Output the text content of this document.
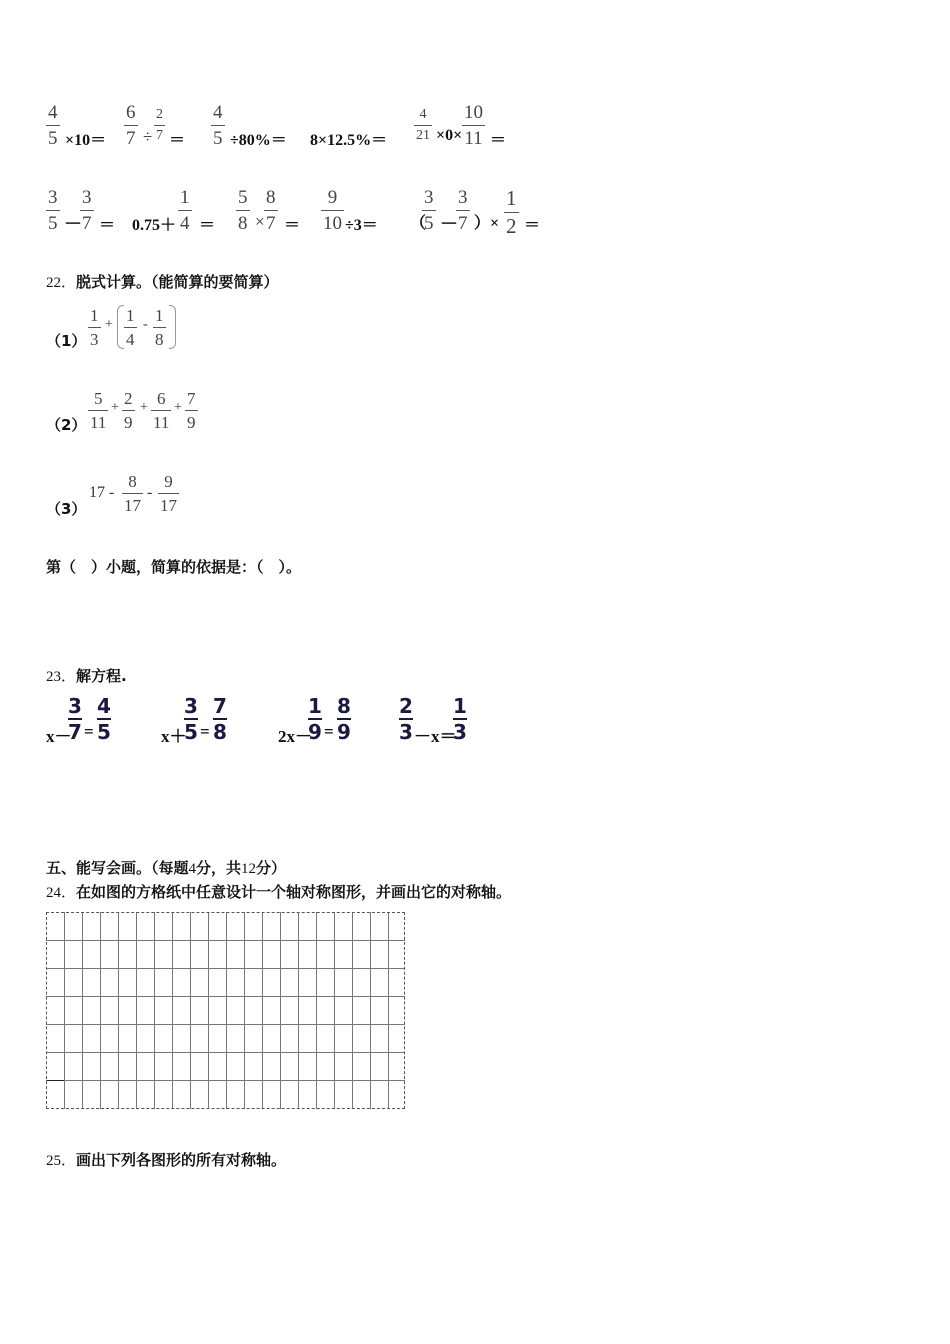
4
5 ×10＝
6
7 ÷
2
7 ＝
4
5 ÷80%＝ 8×12.5%＝
4
21 ×0×
10
11 ＝
3
5 －
3
7 ＝ 0.75＋
1
4 ＝
5
8 ×
8
7 ＝
9
10 ÷3＝ （
3
5 －
3
7 ）×
1
2 ＝
22．脱式计算。（能简算的要简算）
（1）
1
3
+ 1
4
- 1
8
（2）
5
11
+ 2
9
+ 6
11
+ 7
9
（3）
17 -
8
17
-
9
17
第（　）小题，简算的依据是：（　）。
23．解方程.
x－
3
7 =
4
5	x＋
3
5 =
7
8	2x－
1
9 =
8
9
2
3 －x＝
1
3
五、能写会画。（每题4分，共12分）
24．在如图的方格纸中任意设计一个轴对称图形，并画出它的对称轴。
25．画出下列各图形的所有对称轴。
